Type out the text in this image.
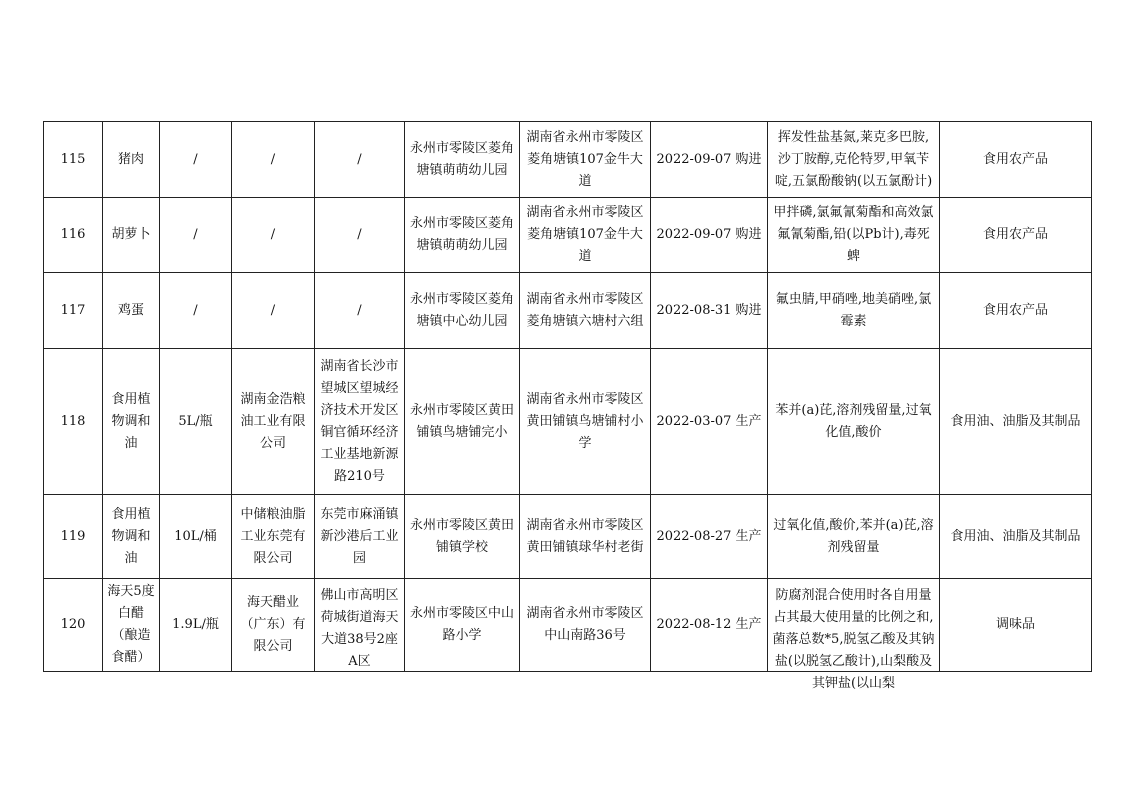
115	猪肉	/	/	/	永州市零陵区菱角塘镇萌萌幼儿园	湖南省永州市零陵区菱角塘镇107金牛大道	2022-09-07 购进	挥发性盐基氮,莱克多巴胺,沙丁胺醇,克伦特罗,甲氧苄啶,五氯酚酸钠(以五氯酚计)	食用农产品
116	胡萝卜	/	/	/	永州市零陵区菱角塘镇萌萌幼儿园	湖南省永州市零陵区菱角塘镇107金牛大道	2022-09-07 购进	甲拌磷,氯氟氰菊酯和高效氯氟氰菊酯,铅(以Pb计),毒死蜱	食用农产品
117	鸡蛋	/	/	/	永州市零陵区菱角塘镇中心幼儿园	湖南省永州市零陵区菱角塘镇六塘村六组	2022-08-31 购进	氟虫腈,甲硝唑,地美硝唑,氯霉素	食用农产品
118	食用植物调和油	5L/瓶	湖南金浩粮油工业有限公司	湖南省长沙市望城区望城经济技术开发区铜官循环经济工业基地新源路210号	永州市零陵区黄田铺镇鸟塘铺完小	湖南省永州市零陵区黄田铺镇鸟塘铺村小学	2022-03-07 生产	苯并(a)芘,溶剂残留量,过氧化值,酸价	食用油、油脂及其制品
119	食用植物调和油	10L/桶	中储粮油脂工业东莞有限公司	东莞市麻涌镇新沙港后工业园	永州市零陵区黄田铺镇学校	湖南省永州市零陵区黄田铺镇球华村老街	2022-08-27 生产	过氧化值,酸价,苯并(a)芘,溶剂残留量	食用油、油脂及其制品
120	海天5度白醋（酿造食醋）	1.9L/瓶	海天醋业（广东）有限公司	佛山市高明区荷城街道海天大道38号2座A区	永州市零陵区中山路小学	湖南省永州市零陵区中山南路36号	2022-08-12 生产	防腐剂混合使用时各自用量占其最大使用量的比例之和,菌落总数*5,脱氢乙酸及其钠盐(以脱氢乙酸计),山梨酸及其钾盐(以山梨	调味品
